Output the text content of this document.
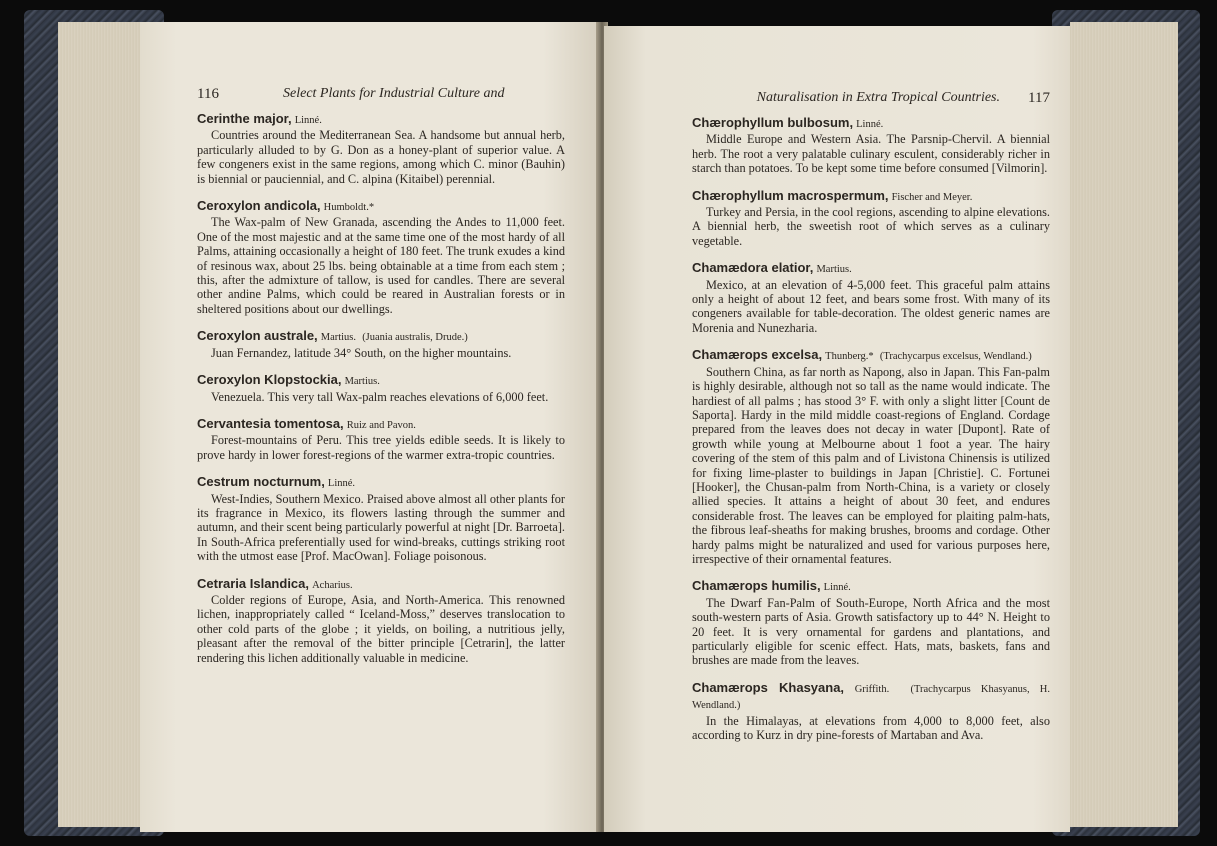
116	Select Plants for Industrial Culture and
Cerinthe major, Linné.
Countries around the Mediterranean Sea. A handsome but annual herb, particularly alluded to by G. Don as a honey-plant of superior value. A few congeners exist in the same regions, among which C. minor (Bauhin) is biennial or pauciennial, and C. alpina (Kitaibel) perennial.
Ceroxylon andicola, Humboldt.*
The Wax-palm of New Granada, ascending the Andes to 11,000 feet. One of the most majestic and at the same time one of the most hardy of all Palms, attaining occasionally a height of 180 feet. The trunk exudes a kind of resinous wax, about 25 lbs. being obtainable at a time from each stem ; this, after the admixture of tallow, is used for candles. There are several other andine Palms, which could be reared in Australian forests or in sheltered positions about our dwellings.
Ceroxylon australe, Martius. (Juania australis, Drude.)
Juan Fernandez, latitude 34° South, on the higher mountains.
Ceroxylon Klopstockia, Martius.
Venezuela. This very tall Wax-palm reaches elevations of 6,000 feet.
Cervantesia tomentosa, Ruiz and Pavon.
Forest-mountains of Peru. This tree yields edible seeds. It is likely to prove hardy in lower forest-regions of the warmer extra-tropic countries.
Cestrum nocturnum, Linné.
West-Indies, Southern Mexico. Praised above almost all other plants for its fragrance in Mexico, its flowers lasting through the summer and autumn, and their scent being particularly powerful at night [Dr. Barroeta]. In South-Africa preferentially used for wind-breaks, cuttings striking root with the utmost ease [Prof. MacOwan]. Foliage poisonous.
Cetraria Islandica, Acharius.
Colder regions of Europe, Asia, and North-America. This renowned lichen, inappropriately called “ Iceland-Moss,” deserves translocation to other cold parts of the globe ; it yields, on boiling, a nutritious jelly, pleasant after the removal of the bitter principle [Cetrarin], the latter rendering this lichen additionally valuable in medicine.
Naturalisation in Extra Tropical Countries. 117
Chærophyllum bulbosum, Linné.
Middle Europe and Western Asia. The Parsnip-Chervil. A biennial herb. The root a very palatable culinary esculent, considerably richer in starch than potatoes. To be kept some time before consumed [Vilmorin].
Chærophyllum macrospermum, Fischer and Meyer.
Turkey and Persia, in the cool regions, ascending to alpine elevations. A biennial herb, the sweetish root of which serves as a culinary vegetable.
Chamædora elatior, Martius.
Mexico, at an elevation of 4-5,000 feet. This graceful palm attains only a height of about 12 feet, and bears some frost. With many of its congeners available for table-decoration. The oldest generic names are Morenia and Nunezharia.
Chamærops excelsa, Thunberg.* (Trachycarpus excelsus, Wendland.)
Southern China, as far north as Napong, also in Japan. This Fan-palm is highly desirable, although not so tall as the name would indicate. The hardiest of all palms ; has stood 3° F. with only a slight litter [Count de Saporta]. Hardy in the mild middle coast-regions of England. Cordage prepared from the leaves does not decay in water [Dupont]. Rate of growth while young at Melbourne about 1 foot a year. The hairy covering of the stem of this palm and of Livistona Chinensis is utilized for fixing lime-plaster to buildings in Japan [Christie]. C. Fortunei [Hooker], the Chusan-palm from North-China, is a variety or closely allied species. It attains a height of about 30 feet, and endures considerable frost. The leaves can be employed for plaiting palm-hats, the fibrous leaf-sheaths for making brushes, brooms and cordage. Other hardy palms might be naturalized and used for various purposes here, irrespective of their ornamental features.
Chamærops humilis, Linné.
The Dwarf Fan-Palm of South-Europe, North Africa and the most south-western parts of Asia. Growth satisfactory up to 44° N. Height to 20 feet. It is very ornamental for gardens and plantations, and particularly eligible for scenic effect. Hats, mats, baskets, fans and brushes are made from the leaves.
Chamærops Khasyana, Griffith. (Trachycarpus Khasyanus, H. Wendland.)
In the Himalayas, at elevations from 4,000 to 8,000 feet, also according to Kurz in dry pine-forests of Martaban and Ava.
